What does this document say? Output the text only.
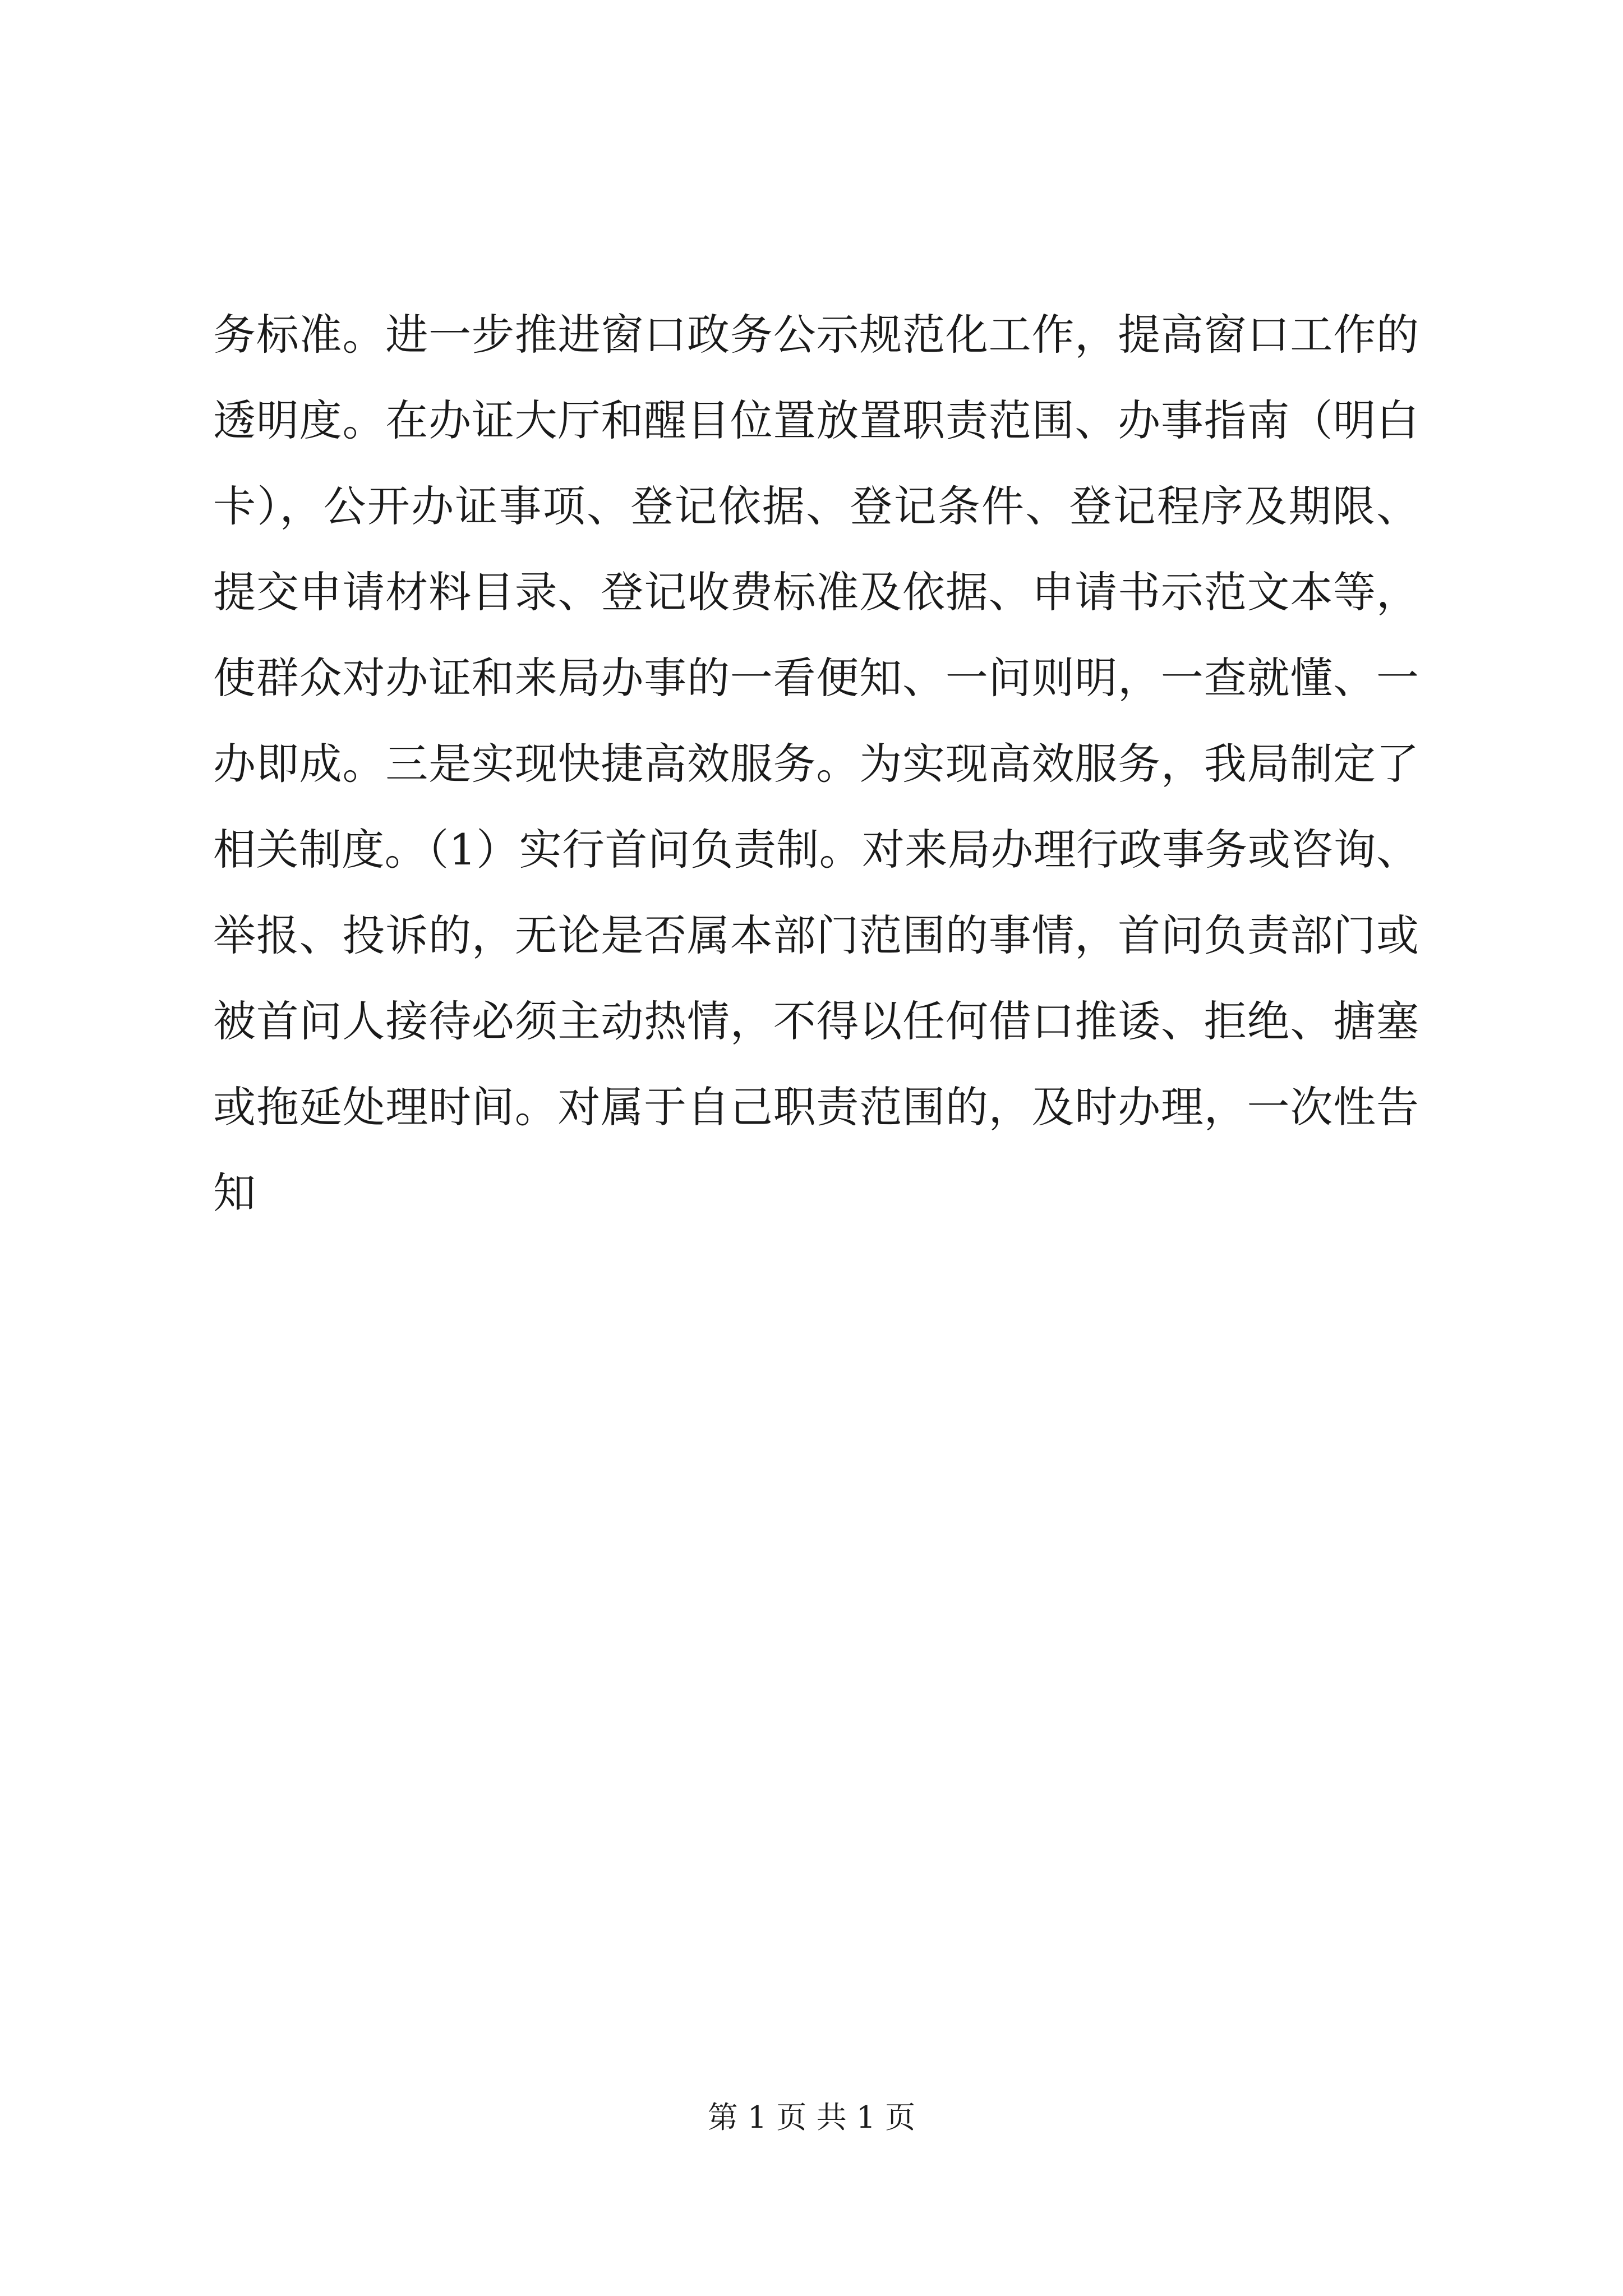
务标准。进一步推进窗口政务公示规范化工作，提高窗口工作的
透明度。在办证大厅和醒目位置放置职责范围、办事指南（明白
卡），公开办证事项、登记依据、登记条件、登记程序及期限、
提交申请材料目录、登记收费标准及依据、申请书示范文本等，
使群众对办证和来局办事的一看便知、一问则明，一查就懂、一
办即成。三是实现快捷高效服务。为实现高效服务，我局制定了
相关制度。（1）实行首问负责制。对来局办理行政事务或咨询、
举报、投诉的，无论是否属本部门范围的事情，首问负责部门或
被首问人接待必须主动热情，不得以任何借口推诿、拒绝、搪塞
或拖延处理时间。对属于自己职责范围的，及时办理，一次性告
知
第 1 页 共 1 页
